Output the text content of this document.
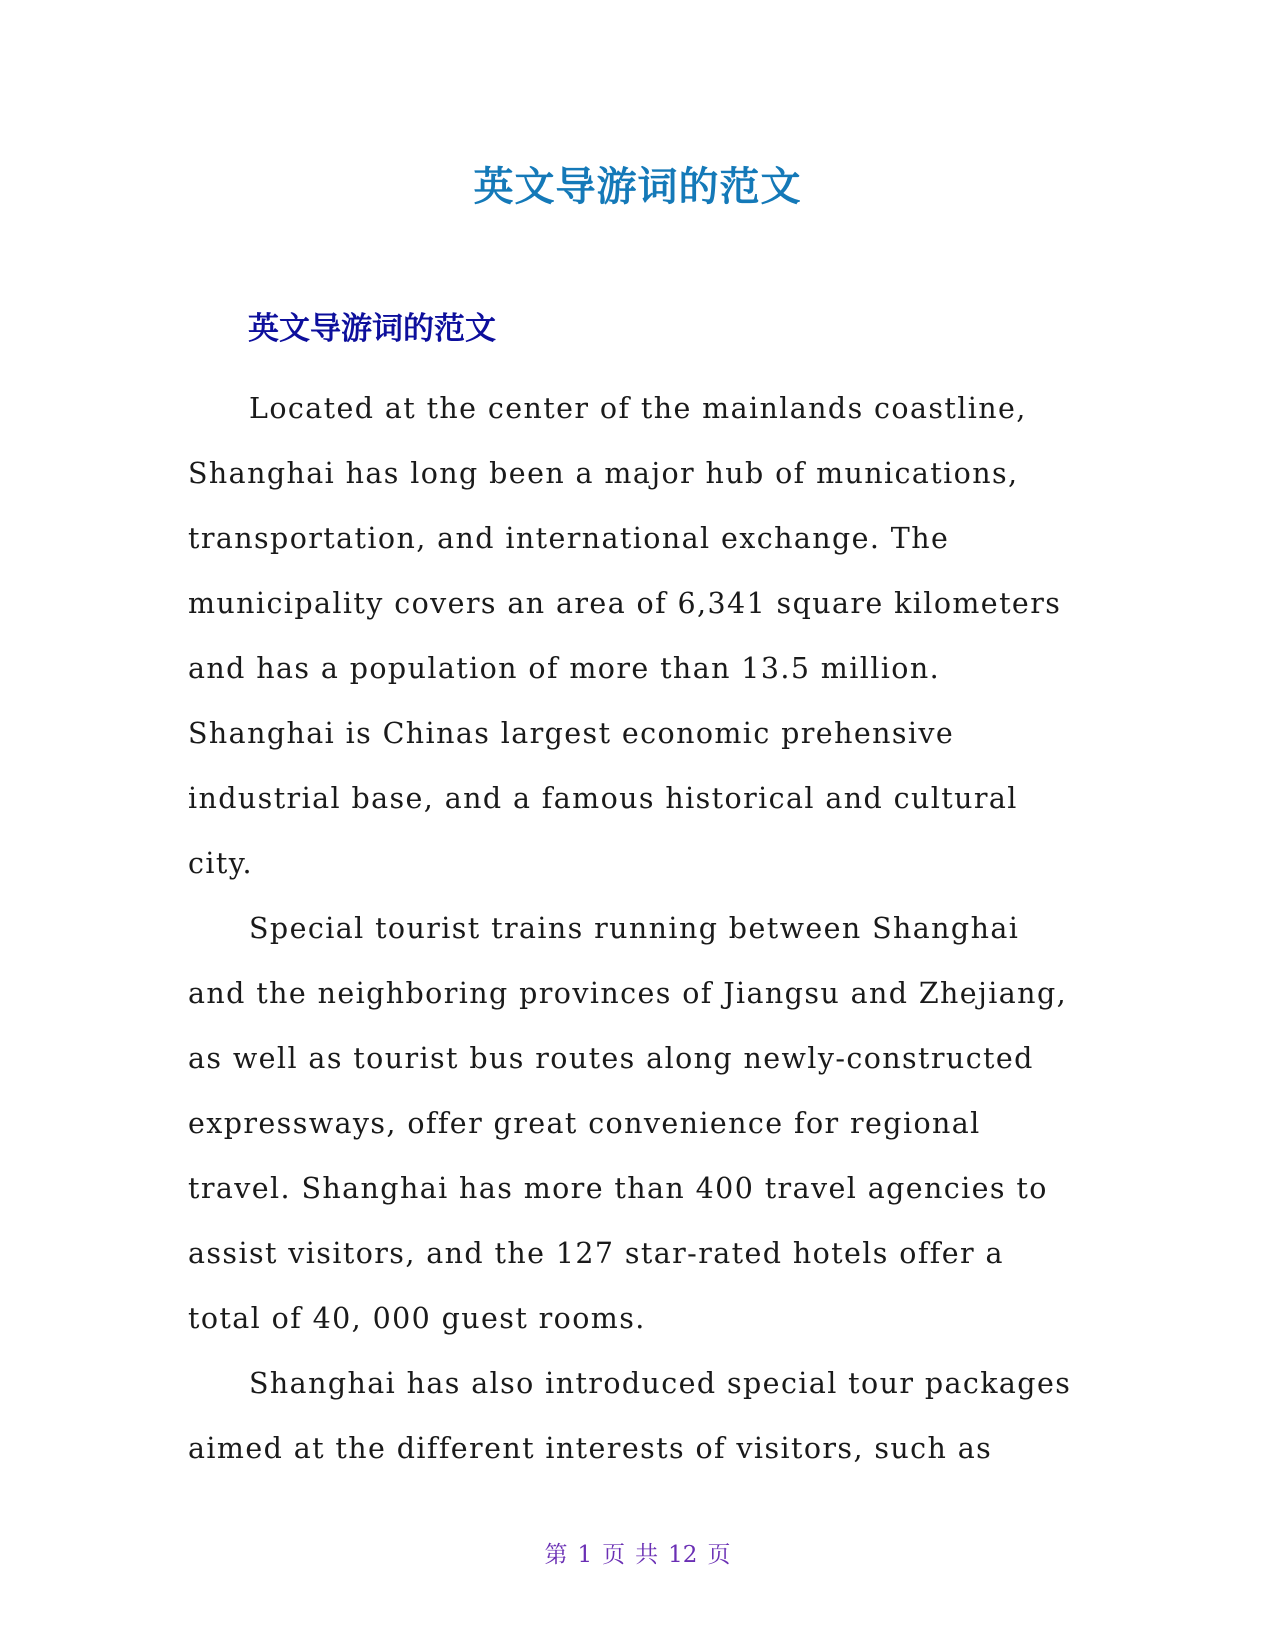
英文导游词的范文
英文导游词的范文
Located at the center of the mainlands coastline,
Shanghai has long been a major hub of munications,
transportation, and international exchange. The
municipality covers an area of 6,341 square kilometers
and has a population of more than 13.5 million.
Shanghai is Chinas largest economic prehensive
industrial base, and a famous historical and cultural
city.
Special tourist trains running between Shanghai
and the neighboring provinces of Jiangsu and Zhejiang,
as well as tourist bus routes along newly-constructed
expressways, offer great convenience for regional
travel. Shanghai has more than 400 travel agencies to
assist visitors, and the 127 star-rated hotels offer a
total of 40, 000 guest rooms.
Shanghai has also introduced special tour packages
aimed at the different interests of visitors, such as
第 1 页 共 12 页
